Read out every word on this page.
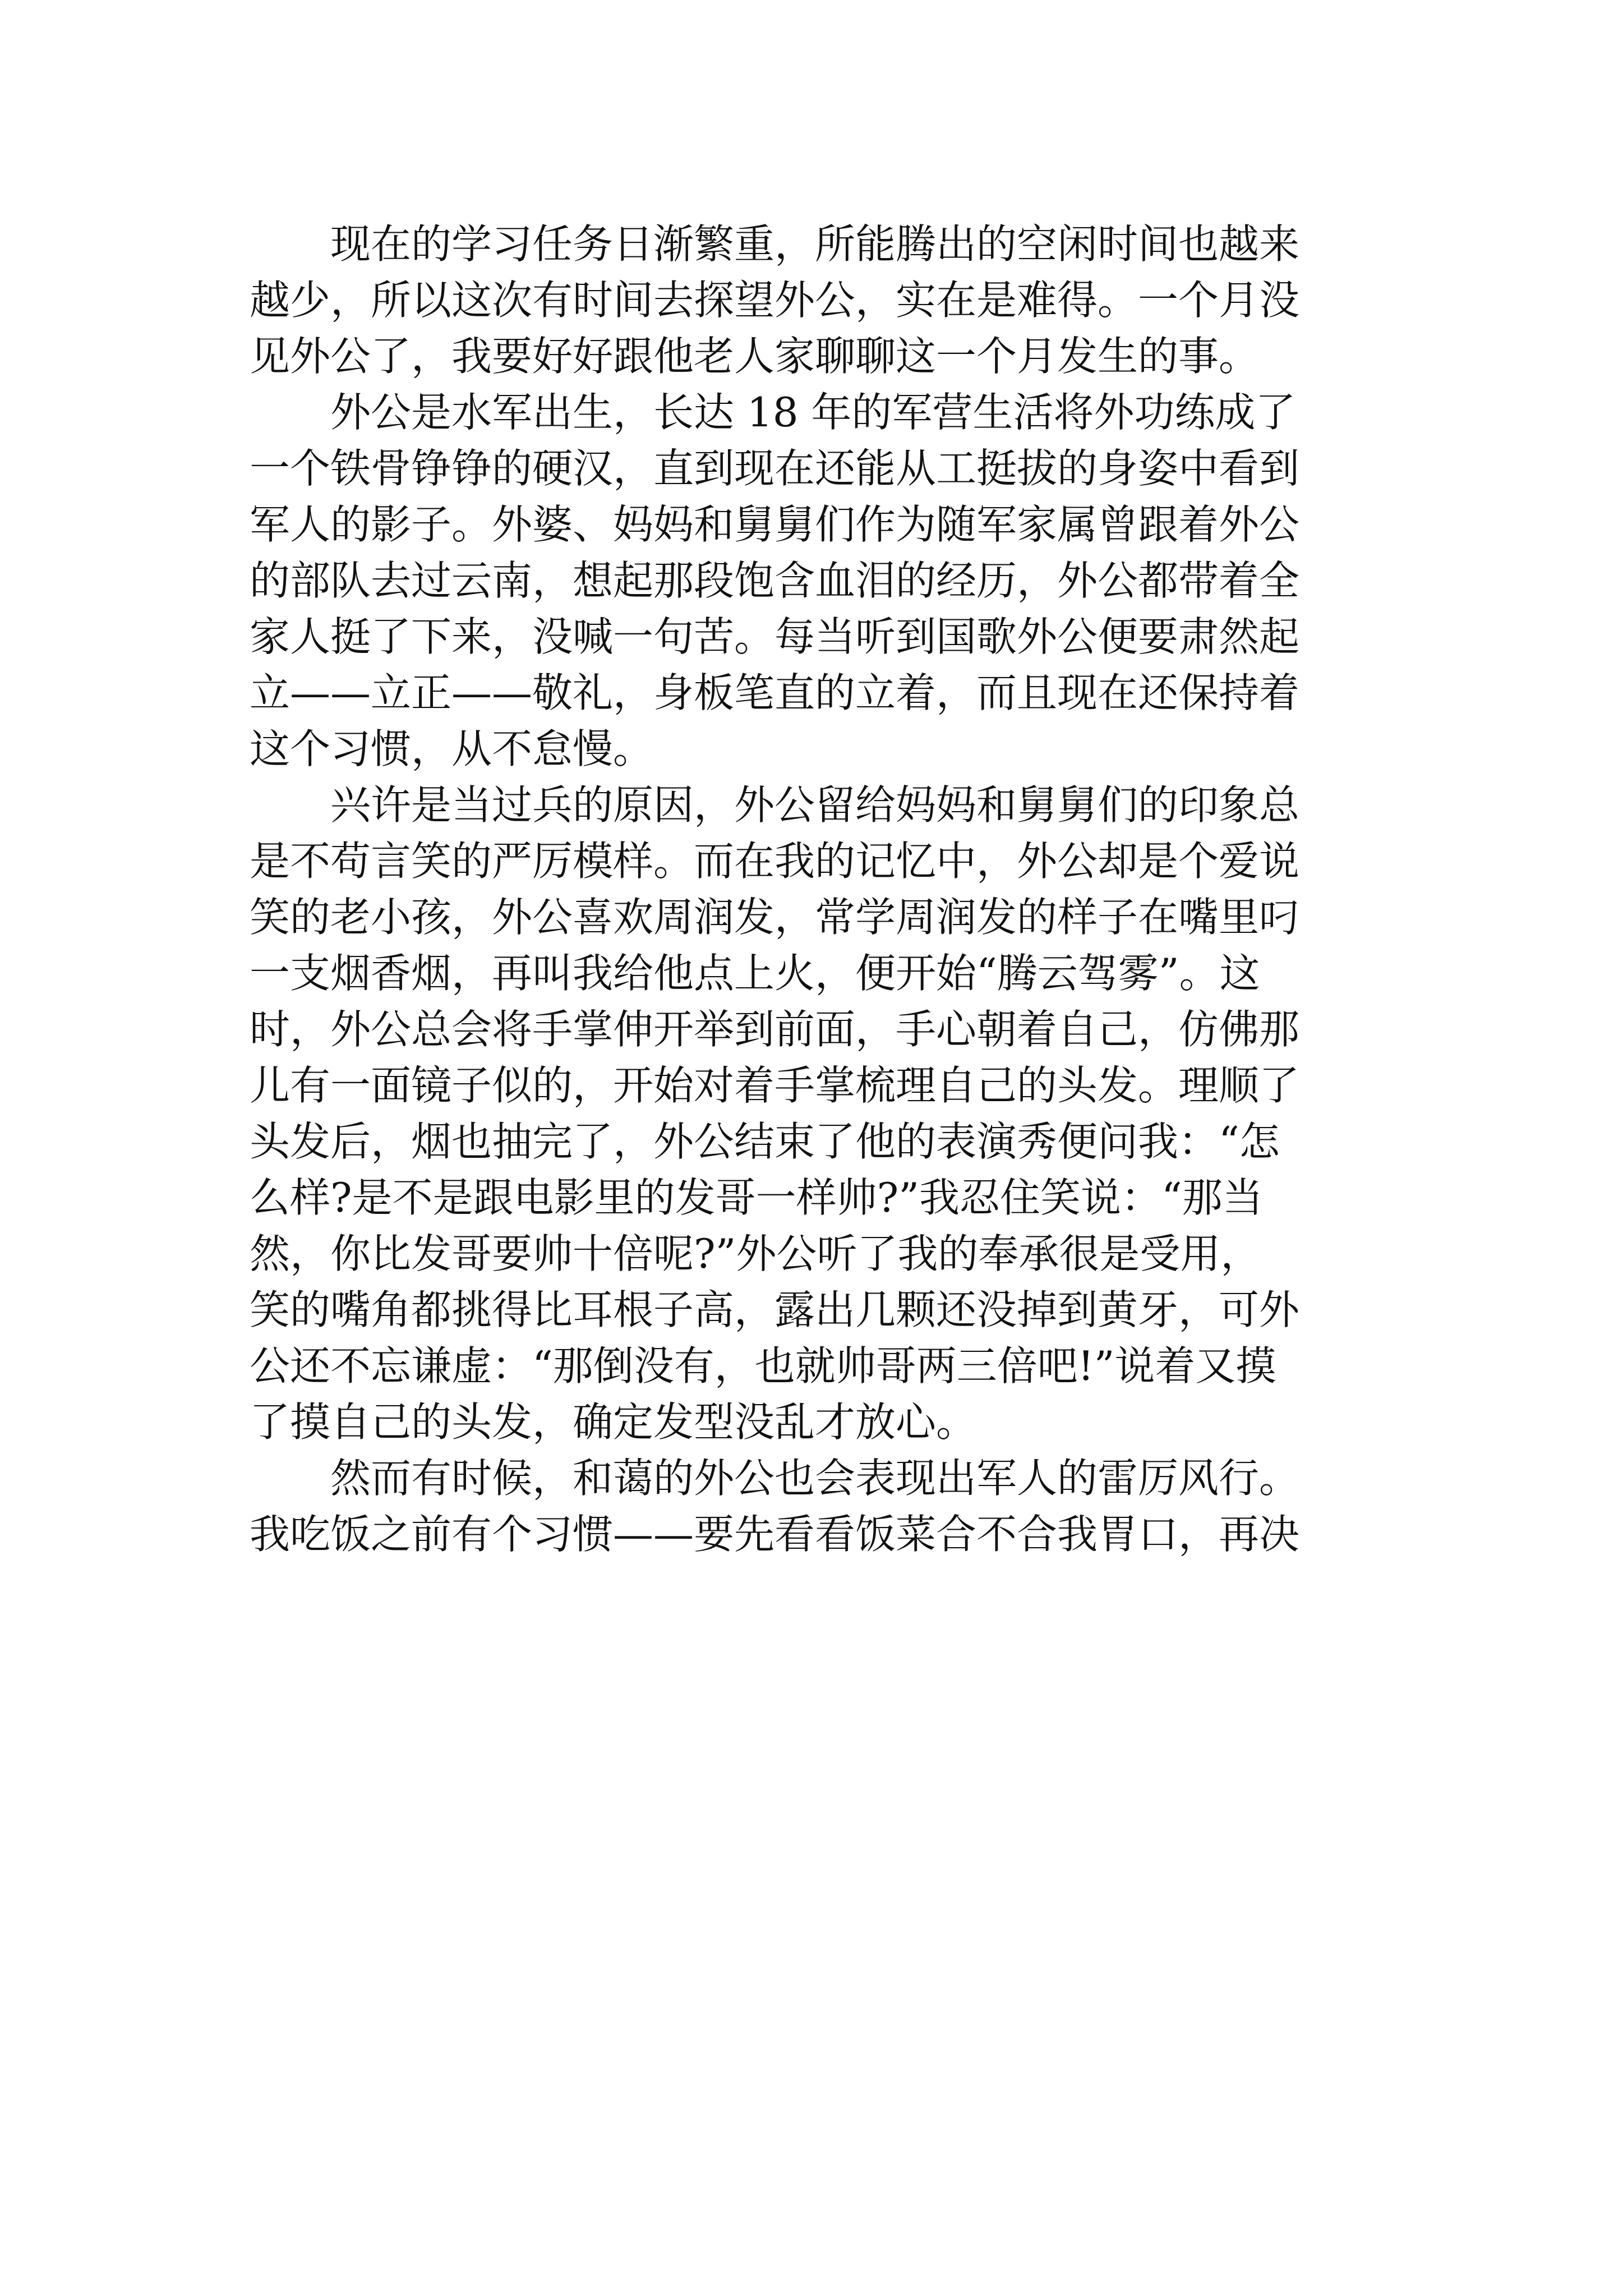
　　现在的学习任务日渐繁重，所能腾出的空闲时间也越来
越少，所以这次有时间去探望外公，实在是难得。一个月没
见外公了，我要好好跟他老人家聊聊这一个月发生的事。
　　外公是水军出生，长达 18 年的军营生活将外功练成了
一个铁骨铮铮的硬汉，直到现在还能从工挺拔的身姿中看到
军人的影子。外婆、妈妈和舅舅们作为随军家属曾跟着外公
的部队去过云南，想起那段饱含血泪的经历，外公都带着全
家人挺了下来，没喊一句苦。每当听到国歌外公便要肃然起
立——立正——敬礼，身板笔直的立着，而且现在还保持着
这个习惯，从不怠慢。
　　兴许是当过兵的原因，外公留给妈妈和舅舅们的印象总
是不苟言笑的严厉模样。而在我的记忆中，外公却是个爱说
笑的老小孩，外公喜欢周润发，常学周润发的样子在嘴里叼
一支烟香烟，再叫我给他点上火，便开始“腾云驾雾”。这
时，外公总会将手掌伸开举到前面，手心朝着自己，仿佛那
儿有一面镜子似的，开始对着手掌梳理自己的头发。理顺了
头发后，烟也抽完了，外公结束了他的表演秀便问我：“怎
么样?是不是跟电影里的发哥一样帅?”我忍住笑说：“那当
然，你比发哥要帅十倍呢?”外公听了我的奉承很是受用，
笑的嘴角都挑得比耳根子高，露出几颗还没掉到黄牙，可外
公还不忘谦虚：“那倒没有，也就帅哥两三倍吧!”说着又摸
了摸自己的头发，确定发型没乱才放心。
　　然而有时候，和蔼的外公也会表现出军人的雷厉风行。
我吃饭之前有个习惯——要先看看饭菜合不合我胃口，再决
